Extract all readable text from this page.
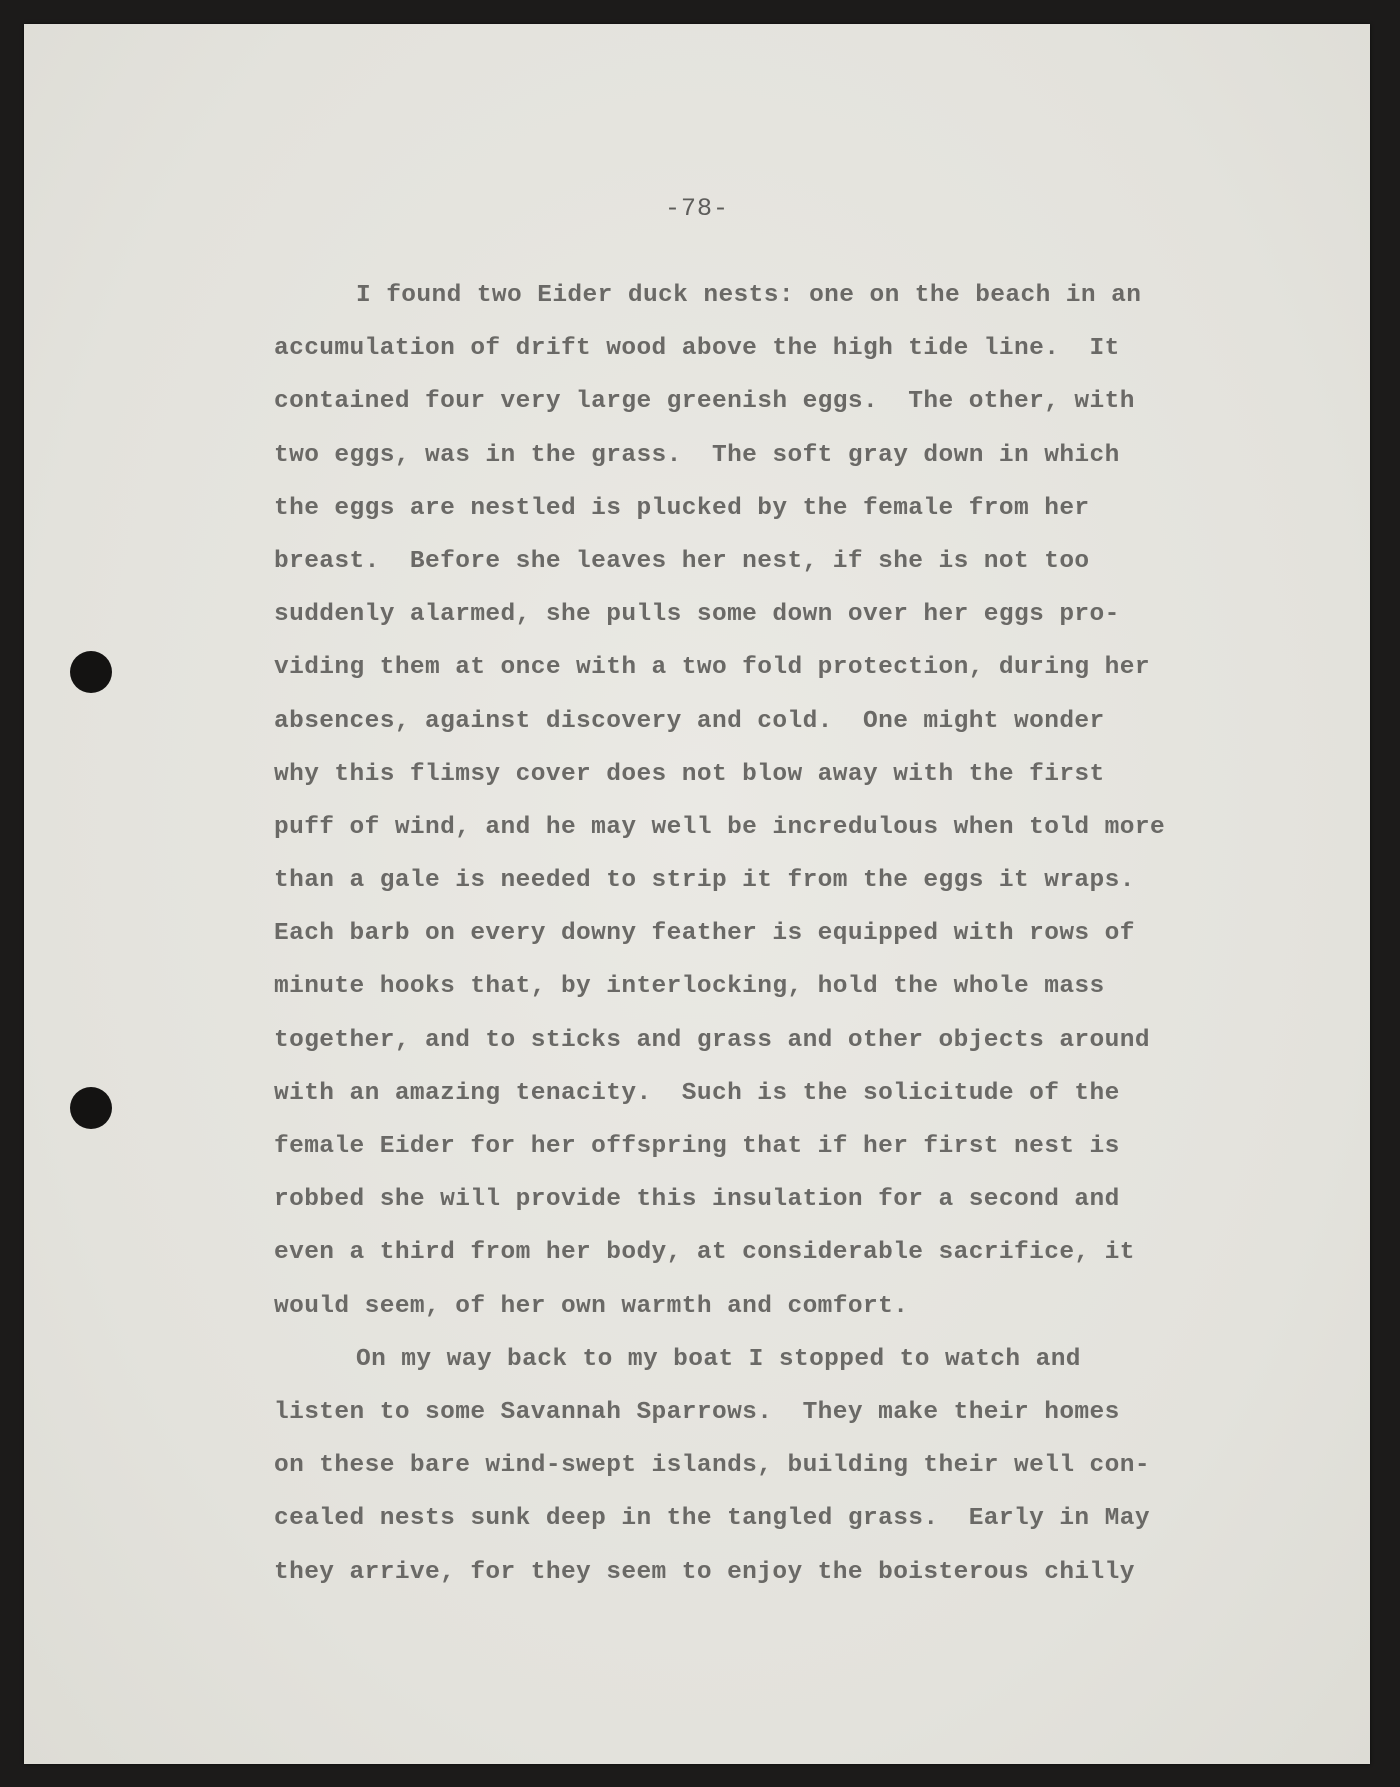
-78-
I found two Eider duck nests: one on the beach in an
accumulation of drift wood above the high tide line.  It
contained four very large greenish eggs.  The other, with
two eggs, was in the grass.  The soft gray down in which
the eggs are nestled is plucked by the female from her
breast.  Before she leaves her nest, if she is not too
suddenly alarmed, she pulls some down over her eggs pro-
viding them at once with a two fold protection, during her
absences, against discovery and cold.  One might wonder
why this flimsy cover does not blow away with the first
puff of wind, and he may well be incredulous when told more
than a gale is needed to strip it from the eggs it wraps.
Each barb on every downy feather is equipped with rows of
minute hooks that, by interlocking, hold the whole mass
together, and to sticks and grass and other objects around
with an amazing tenacity.  Such is the solicitude of the
female Eider for her offspring that if her first nest is
robbed she will provide this insulation for a second and
even a third from her body, at considerable sacrifice, it
would seem, of her own warmth and comfort.
On my way back to my boat I stopped to watch and
listen to some Savannah Sparrows.  They make their homes
on these bare wind-swept islands, building their well con-
cealed nests sunk deep in the tangled grass.  Early in May
they arrive, for they seem to enjoy the boisterous chilly
